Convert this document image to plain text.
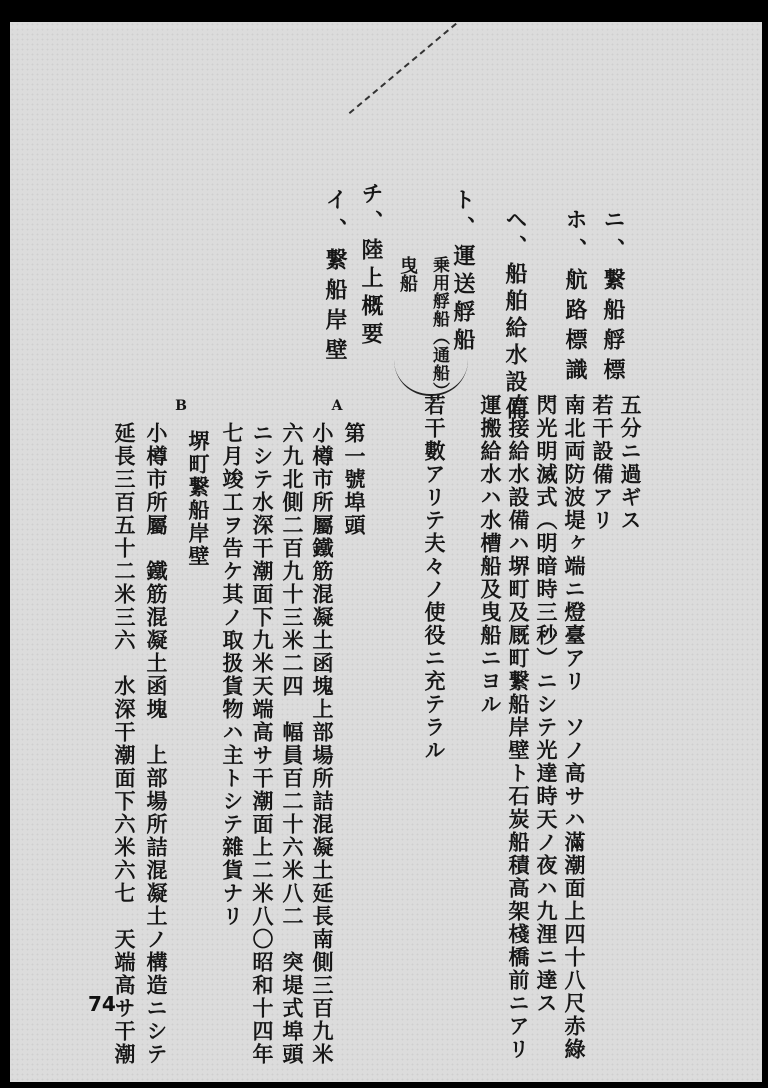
ニ、繋船艀標
ホ、航路標識
ヘ、船舶給水設備
ト、運送艀船
乗用艀船（通船）
曳船
チ、陸上概要
イ、繋船岸壁
五分ニ過ギス
若干設備アリ
南北両防波堤ヶ端ニ燈臺アリ　ソノ高サハ滿潮面上四十八尺赤綠
閃光明滅式（明暗時三秒）ニシテ光達時天ノ夜ハ九浬ニ達ス
直接給水設備ハ堺町及厩町繋船岸壁ト石炭船積高架棧橋前ニアリ
運搬給水ハ水槽船及曳船ニヨル
若干數アリテ夫々ノ使役ニ充テラル
A
第一號埠頭
小樽市所屬鐵筋混凝土函塊上部場所詰混凝土延長南側三百九米
六九北側二百九十三米二四　幅員百二十六米八二　突堤式埠頭
ニシテ水深干潮面下九米天端高サ干潮面上二米八〇昭和十四年
七月竣工ヲ告ケ其ノ取扱貨物ハ主トシテ雜貨ナリ
B
堺町繋船岸壁
小樽市所屬　鐵筋混凝土函塊　上部場所詰混凝土ノ構造ニシテ
延長三百五十二米三六　水深干潮面下六米六七　天端高サ干潮
74
